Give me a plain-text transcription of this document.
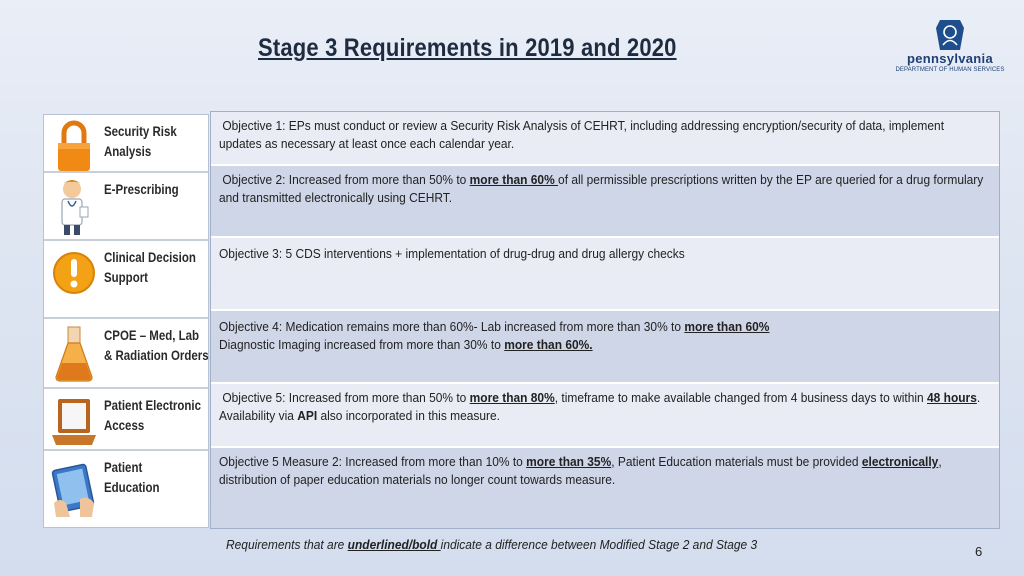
Stage 3 Requirements in 2019 and 2020	pennsylvania
DEPARTMENT OF HUMAN SERVICES
Security Risk
Analysis
E-Prescribing
Clinical Decision
Support
CPOE – Med, Lab
& Radiation Orders
Patient Electronic
Access
Patient
Education
Objective 1: EPs must conduct or review a Security Risk Analysis of CEHRT, including addressing encryption/security of data, implement updates as necessary at least once each calendar year.
Objective 2: Increased from more than 50% to more than 60% of all permissible prescriptions written by the EP are queried for a drug formulary and transmitted electronically using CEHRT.
Objective 3: 5 CDS interventions + implementation of drug-drug and drug allergy checks
Objective 4: Medication remains more than 60%- Lab increased from more than 30% to more than 60%
Diagnostic Imaging increased from more than 30% to more than 60%.
Objective 5: Increased from more than 50% to more than 80%, timeframe to make available changed from 4 business days to within 48 hours. Availability via API also incorporated in this measure.
Objective 5 Measure 2: Increased from more than 10% to more than 35%, Patient Education materials must be provided electronically, distribution of paper education materials no longer count towards measure.
Requirements that are underlined/bold indicate a difference between Modified Stage 2 and Stage 3	6
